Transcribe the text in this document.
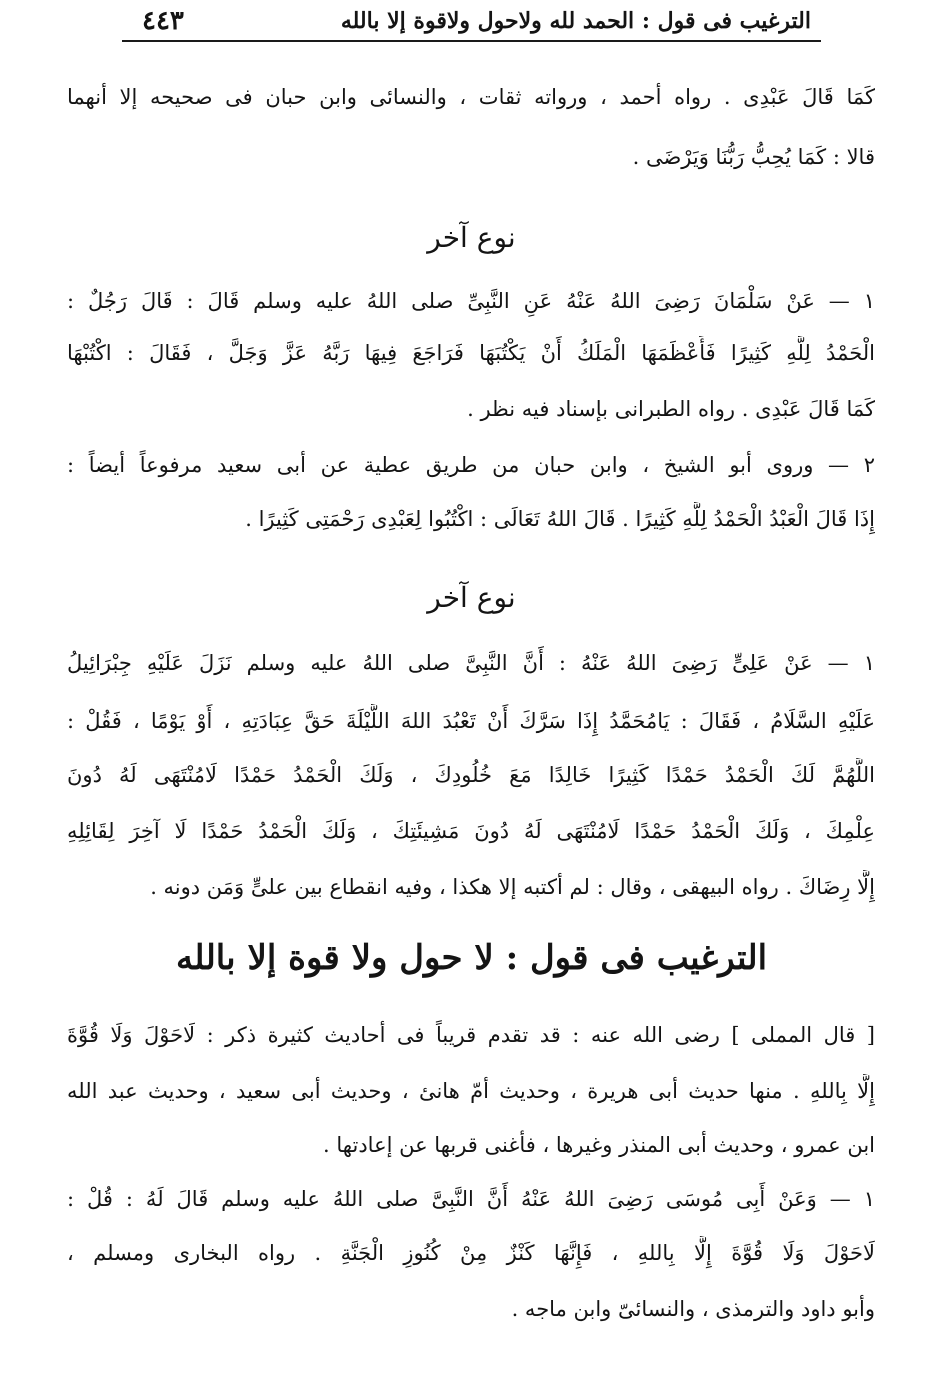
٤٤٣	الترغيب فى قول : الحمد لله ولاحول ولاقوة إلا بالله
كَمَا قَالَ عَبْدِى . رواه أحمد ، ورواته ثقات ، والنسائى وابن حبان فى صحيحه إلا أنهما
قالا : كَمَا يُحِبُّ رَبُّنَا وَيَرْضَى .
نوع آخر
١ — عَنْ سَلْمَانَ رَضِىَ اللهُ عَنْهُ عَنِ النَّبِىِّ صلى اللهُ عليه وسلم قَالَ : قَالَ رَجُلٌ :
الْحَمْدُ لِلَّهِ كَثِيرًا فَأَعْظَمَهَا الْمَلَكُ أَنْ يَكْتُبَهَا فَرَاجَعَ فِيهَا رَبَّهُ عَزَّ وَجَلَّ ، فَقَالَ : اكْتُبْهَا
كَمَا قَالَ عَبْدِى . رواه الطبرانى بإسناد فيه نظر .
٢ — وروى أبو الشيخ ، وابن حبان من طريق عطية عن أبى سعيد مرفوعاً أيضاً :
إِذَا قَالَ الْعَبْدُ الْحَمْدُ لِلَّهِ كَثِيرًا . قَالَ اللهُ تَعَالَى : اكْتُبُوا لِعَبْدِى رَحْمَتِى كَثِيرًا .
نوع آخر
١ — عَنْ عَلِىٍّ رَضِىَ اللهُ عَنْهُ : أَنَّ النَّبِىَّ صلى اللهُ عليه وسلم نَزَلَ عَلَيْهِ جِبْرَائِيلُ
عَلَيْهِ السَّلَامُ ، فَقَالَ : يَامُحَمَّدُ إِذَا سَرَّكَ أَنْ تَعْبُدَ اللهَ اللَّيْلَةَ حَقَّ عِبَادَتِهِ ، أَوْ يَوْمًا ، فَقُلْ :
اللَّهُمَّ لَكَ الْحَمْدُ حَمْدًا كَثِيرًا خَالِدًا مَعَ خُلُودِكَ ، وَلَكَ الْحَمْدُ حَمْدًا لَامُنْتَهَى لَهُ دُونَ
عِلْمِكَ ، وَلَكَ الْحَمْدُ حَمْدًا لَامُنْتَهَى لَهُ دُونَ مَشِيئَتِكَ ، وَلَكَ الْحَمْدُ حَمْدًا لَا آخِرَ لِقَائِلِهِ
إِلَّا رِضَاكَ . رواه البيهقى ، وقال : لم أكتبه إلا هكذا ، وفيه انقطاع بين علىٍّ وَمَن دونه .
الترغيب فى قول : لا حول ولا قوة إلا بالله
[ قال المملى ] رضى الله عنه : قد تقدم قريباً فى أحاديث كثيرة ذكر : لَاحَوْلَ وَلَا قُوَّةَ
إِلَّا بِاللهِ . منها حديث أبى هريرة ، وحديث أمّ هانئ ، وحديث أبى سعيد ، وحديث عبد الله
ابن عمرو ، وحديث أبى المنذر وغيرها ، فأغنى قربها عن إعادتها .
١ — وَعَنْ أَبِى مُوسَى رَضِىَ اللهُ عَنْهُ أَنَّ النَّبِىَّ صلى اللهُ عليه وسلم قَالَ لَهُ : قُلْ :
لَاحَوْلَ وَلَا قُوَّةَ إِلَّا بِاللهِ ، فَإِنَّهَا كَنْزٌ مِنْ كُنُوزِ الْجَنَّةِ . رواه البخارى ومسلم ،
وأبو داود والترمذى ، والنسائىّ وابن ماجه .
